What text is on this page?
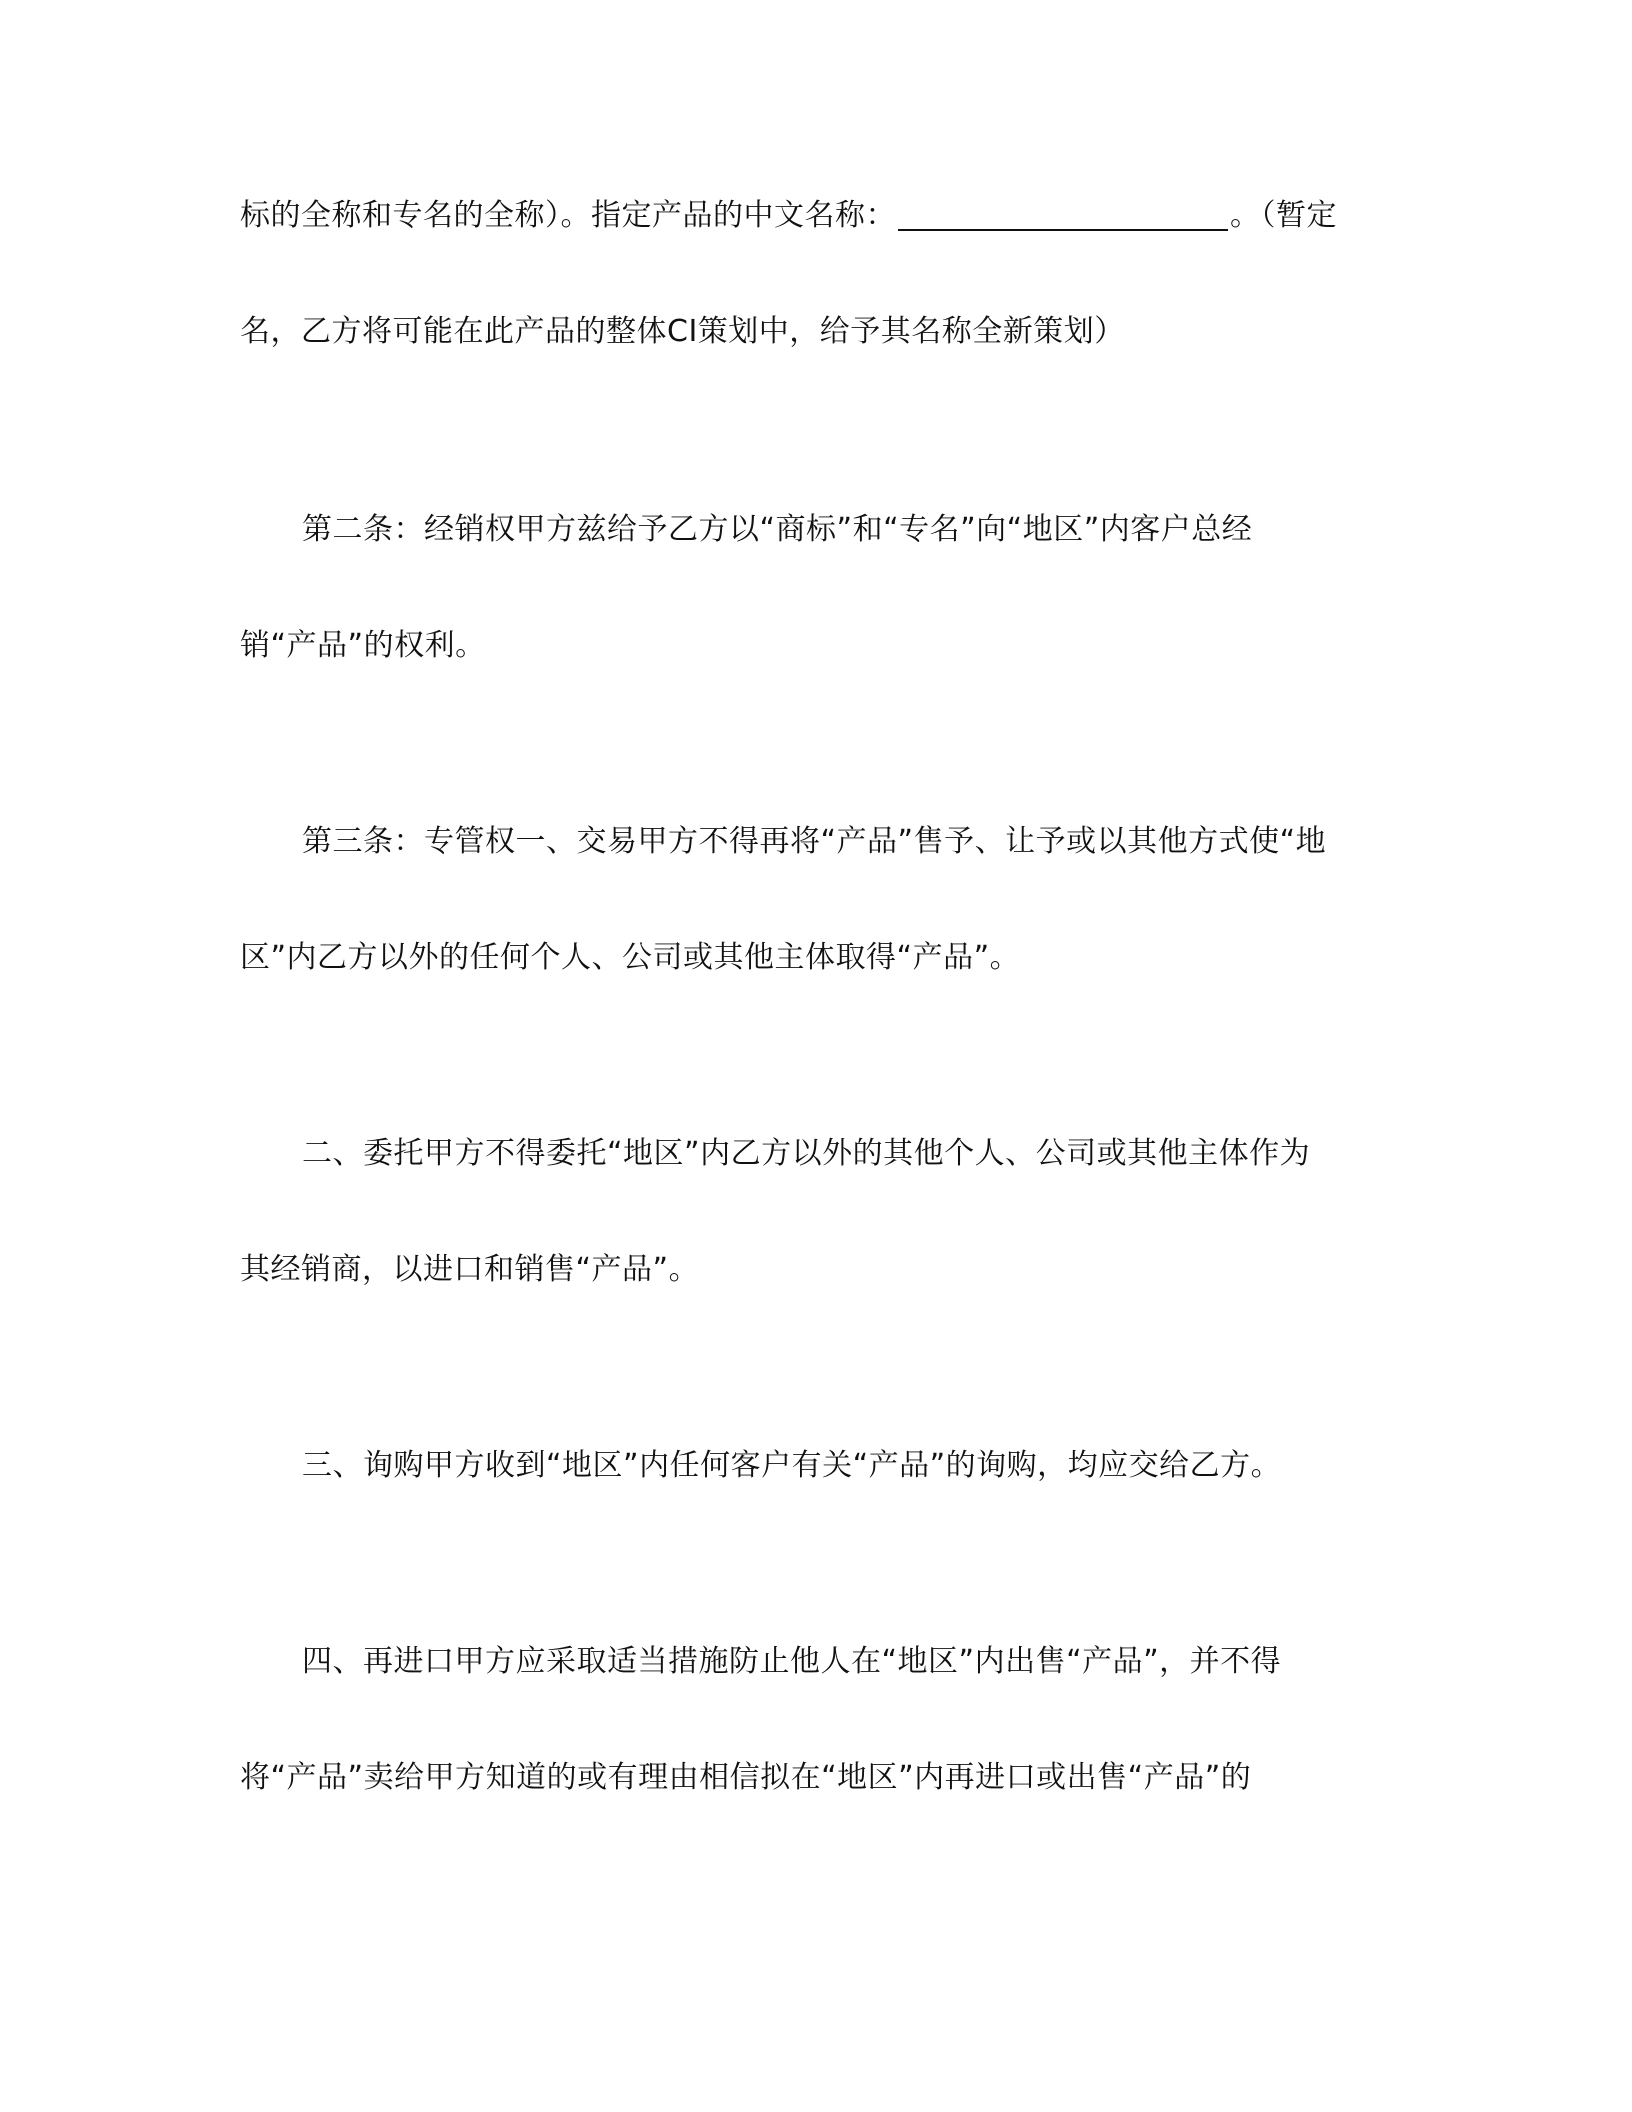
标的全称和专名的全称）。指定产品的中文名称：	。（暂定
名，乙方将可能在此产品的整体CI策划中，给予其名称全新策划）
第二条：经销权甲方兹给予乙方以“商标”和“专名”向“地区”内客户总经
销“产品”的权利。
第三条：专管权一、交易甲方不得再将“产品”售予、让予或以其他方式使“地
区”内乙方以外的任何个人、公司或其他主体取得“产品”。
二、委托甲方不得委托“地区”内乙方以外的其他个人、公司或其他主体作为
其经销商，以进口和销售“产品”。
三、询购甲方收到“地区”内任何客户有关“产品”的询购，均应交给乙方。
四、再进口甲方应采取适当措施防止他人在“地区”内出售“产品”，并不得
将“产品”卖给甲方知道的或有理由相信拟在“地区”内再进口或出售“产品”的
